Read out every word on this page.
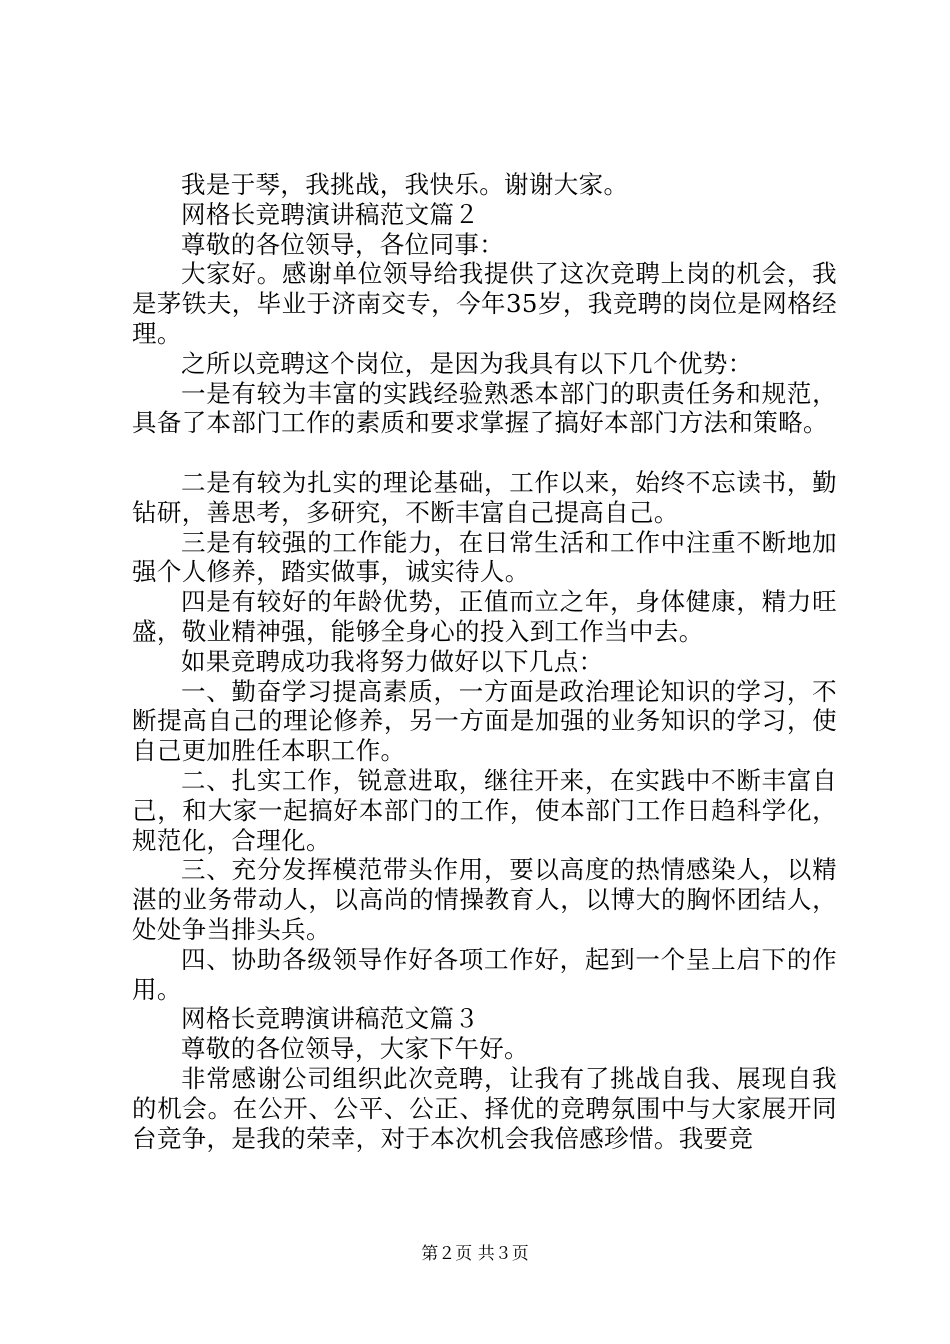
我是于琴，我挑战，我快乐。谢谢大家。

网格长竞聘演讲稿范文篇２

尊敬的各位领导，各位同事：

大家好。感谢单位领导给我提供了这次竞聘上岗的机会，我是茅铁夫，毕业于济南交专，今年35岁，我竞聘的岗位是网格经理。

之所以竞聘这个岗位，是因为我具有以下几个优势：

一是有较为丰富的实践经验熟悉本部门的职责任务和规范，具备了本部门工作的素质和要求掌握了搞好本部门方法和策略。

二是有较为扎实的理论基础，工作以来，始终不忘读书，勤钻研，善思考，多研究，不断丰富自己提高自己。

三是有较强的工作能力，在日常生活和工作中注重不断地加强个人修养，踏实做事，诚实待人。

四是有较好的年龄优势，正值而立之年，身体健康，精力旺盛，敬业精神强，能够全身心的投入到工作当中去。

如果竞聘成功我将努力做好以下几点：

一、勤奋学习提高素质，一方面是政治理论知识的学习，不断提高自己的理论修养，另一方面是加强的业务知识的学习，使自己更加胜任本职工作。

二、扎实工作，锐意进取，继往开来，在实践中不断丰富自己，和大家一起搞好本部门的工作，使本部门工作日趋科学化，规范化，合理化。

三、充分发挥模范带头作用，要以高度的热情感染人，以精湛的业务带动人，以高尚的情操教育人，以博大的胸怀团结人，处处争当排头兵。

四、协助各级领导作好各项工作好，起到一个呈上启下的作用。

网格长竞聘演讲稿范文篇３

尊敬的各位领导，大家下午好。

非常感谢公司组织此次竞聘，让我有了挑战自我、展现自我的机会。在公开、公平、公正、择优的竞聘氛围中与大家展开同台竞争，是我的荣幸，对于本次机会我倍感珍惜。我要竞

第２页 共３页
